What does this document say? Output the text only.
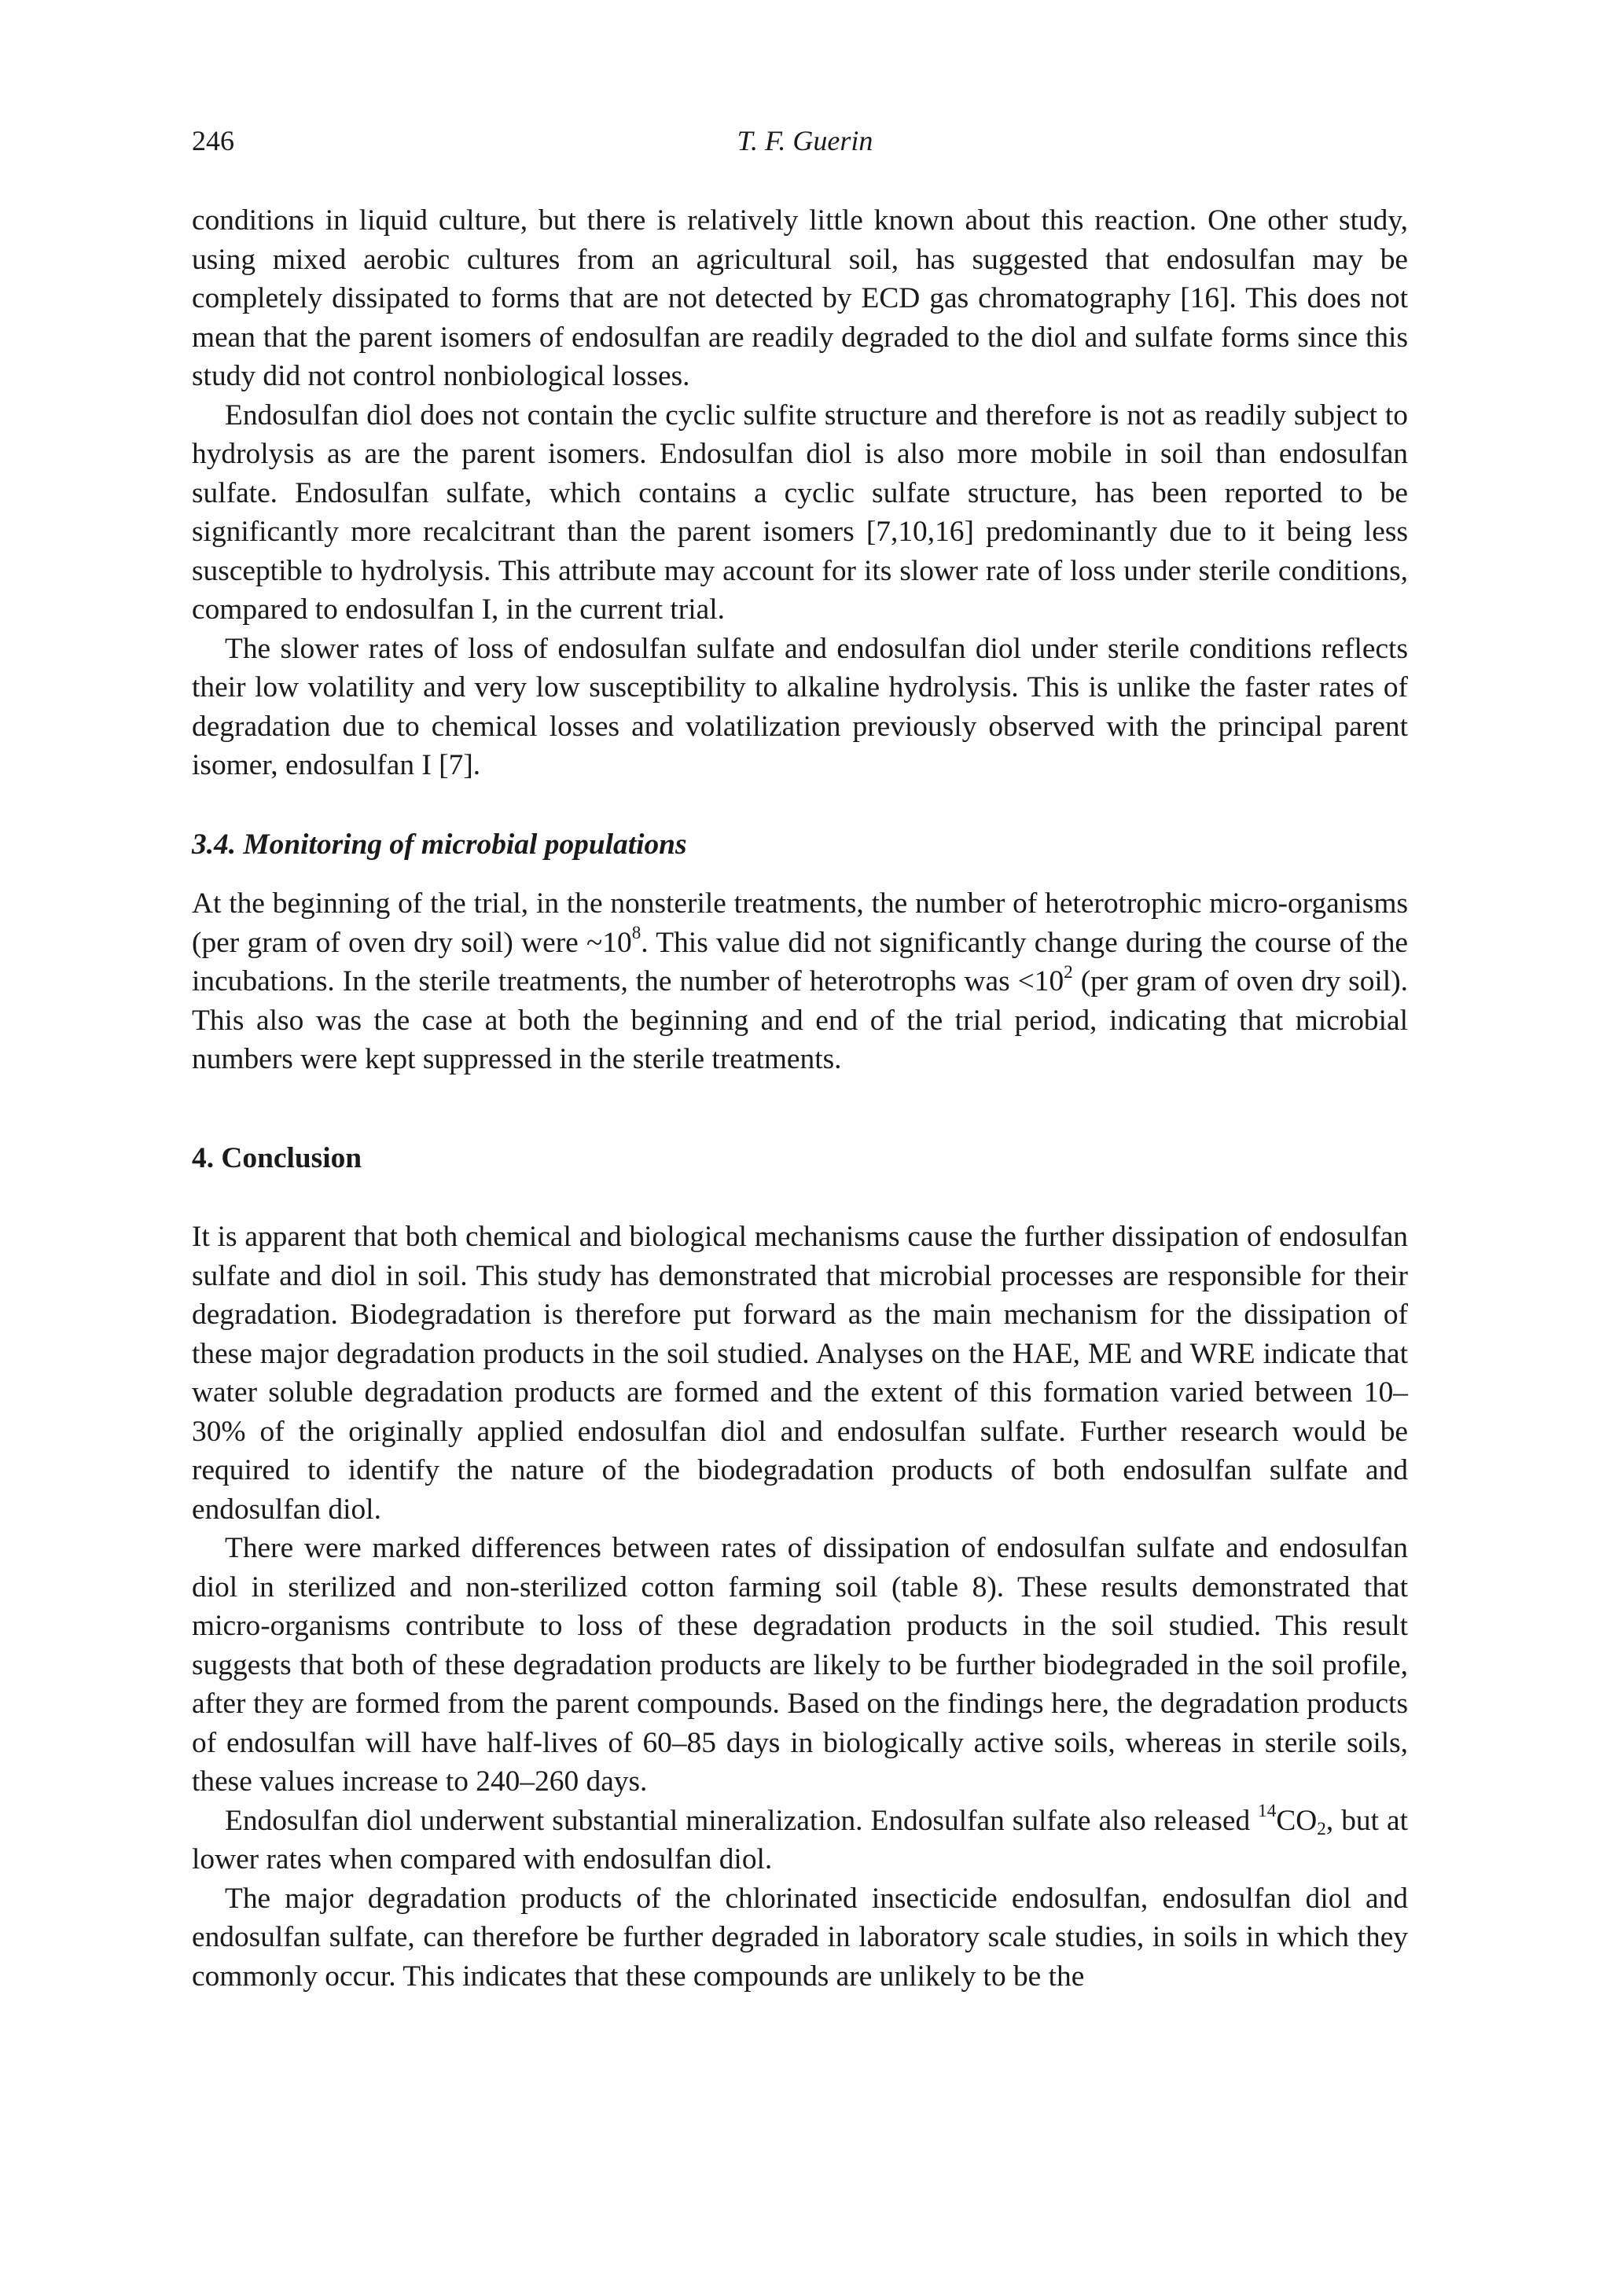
246	T. F. Guerin

conditions in liquid culture, but there is relatively little known about this reaction. One other study, using mixed aerobic cultures from an agricultural soil, has suggested that endosulfan may be completely dissipated to forms that are not detected by ECD gas chromatography [16]. This does not mean that the parent isomers of endosulfan are readily degraded to the diol and sulfate forms since this study did not control nonbiological losses.

Endosulfan diol does not contain the cyclic sulfite structure and therefore is not as readily subject to hydrolysis as are the parent isomers. Endosulfan diol is also more mobile in soil than endosulfan sulfate. Endosulfan sulfate, which contains a cyclic sulfate structure, has been reported to be significantly more recalcitrant than the parent isomers [7,10,16] predominantly due to it being less susceptible to hydrolysis. This attribute may account for its slower rate of loss under sterile conditions, compared to endosulfan I, in the current trial.

The slower rates of loss of endosulfan sulfate and endosulfan diol under sterile conditions reflects their low volatility and very low susceptibility to alkaline hydrolysis. This is unlike the faster rates of degradation due to chemical losses and volatilization previously observed with the principal parent isomer, endosulfan I [7].

3.4. Monitoring of microbial populations

At the beginning of the trial, in the nonsterile treatments, the number of heterotrophic micro-organisms (per gram of oven dry soil) were $\sim 10^8$. This value did not significantly change during the course of the incubations. In the sterile treatments, the number of heterotrophs was $<10^2$ (per gram of oven dry soil). This also was the case at both the beginning and end of the trial period, indicating that microbial numbers were kept suppressed in the sterile treatments.

4. Conclusion

It is apparent that both chemical and biological mechanisms cause the further dissipation of endosulfan sulfate and diol in soil. This study has demonstrated that microbial processes are responsible for their degradation. Biodegradation is therefore put forward as the main mechanism for the dissipation of these major degradation products in the soil studied. Analyses on the HAE, ME and WRE indicate that water soluble degradation products are formed and the extent of this formation varied between 10–30% of the originally applied endosulfan diol and endosulfan sulfate. Further research would be required to identify the nature of the biodegradation products of both endosulfan sulfate and endosulfan diol.

There were marked differences between rates of dissipation of endosulfan sulfate and endosulfan diol in sterilized and non-sterilized cotton farming soil (table 8). These results demonstrated that micro-organisms contribute to loss of these degradation products in the soil studied. This result suggests that both of these degradation products are likely to be further biodegraded in the soil profile, after they are formed from the parent compounds. Based on the findings here, the degradation products of endosulfan will have half-lives of 60–85 days in biologically active soils, whereas in sterile soils, these values increase to 240–260 days.

Endosulfan diol underwent substantial mineralization. Endosulfan sulfate also released $^{14}CO_2$, but at lower rates when compared with endosulfan diol.

The major degradation products of the chlorinated insecticide endosulfan, endosulfan diol and endosulfan sulfate, can therefore be further degraded in laboratory scale studies, in soils in which they commonly occur. This indicates that these compounds are unlikely to be the
